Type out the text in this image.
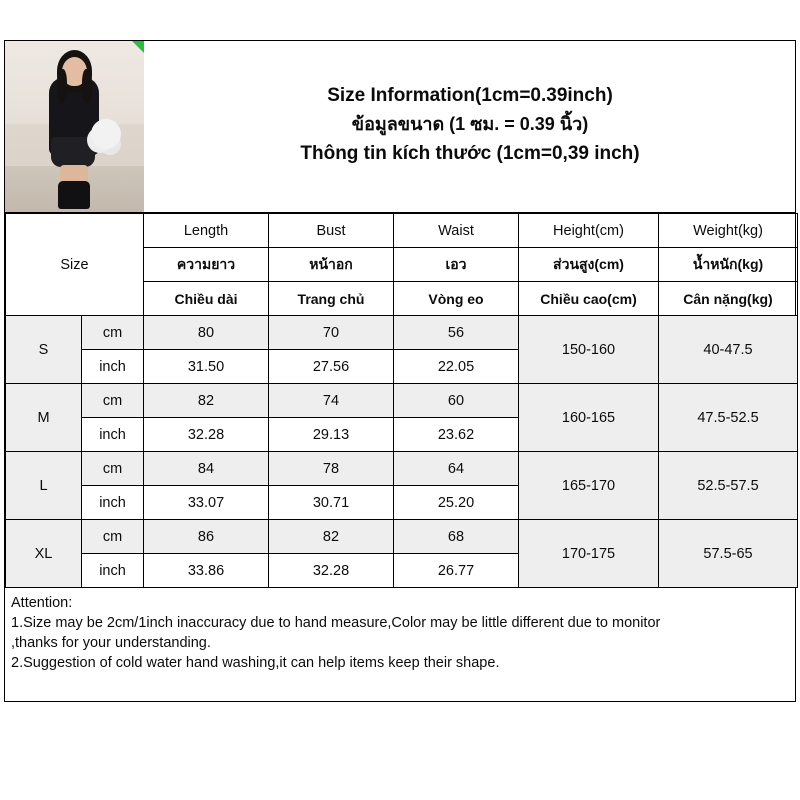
Size Information(1cm=0.39inch)
ข้อมูลขนาด (1 ซม. = 0.39 นิ้ว)
Thông tin kích thước (1cm=0,39 inch)
Size		Length	Bust	Waist	Height(cm)	Weight(kg)
		ความยาว	หน้าอก	เอว	ส่วนสูง(cm)	น้ำหนัก(kg)
		Chiều dài	Trang chủ	Vòng eo	Chiều cao(cm)	Cân nặng(kg)
S	cm	80	70	56	150-160	40-47.5
	inch	31.50	27.56	22.05		
M	cm	82	74	60	160-165	47.5-52.5
	inch	32.28	29.13	23.62		
L	cm	84	78	64	165-170	52.5-57.5
	inch	33.07	30.71	25.20		
XL	cm	86	82	68	170-175	57.5-65
	inch	33.86	32.28	26.77		
Attention:
1.Size may be 2cm/1inch inaccuracy due to hand measure,Color may be little different due to monitor
,thanks for your understanding.
2.Suggestion of cold water hand washing,it can help items keep their shape.
